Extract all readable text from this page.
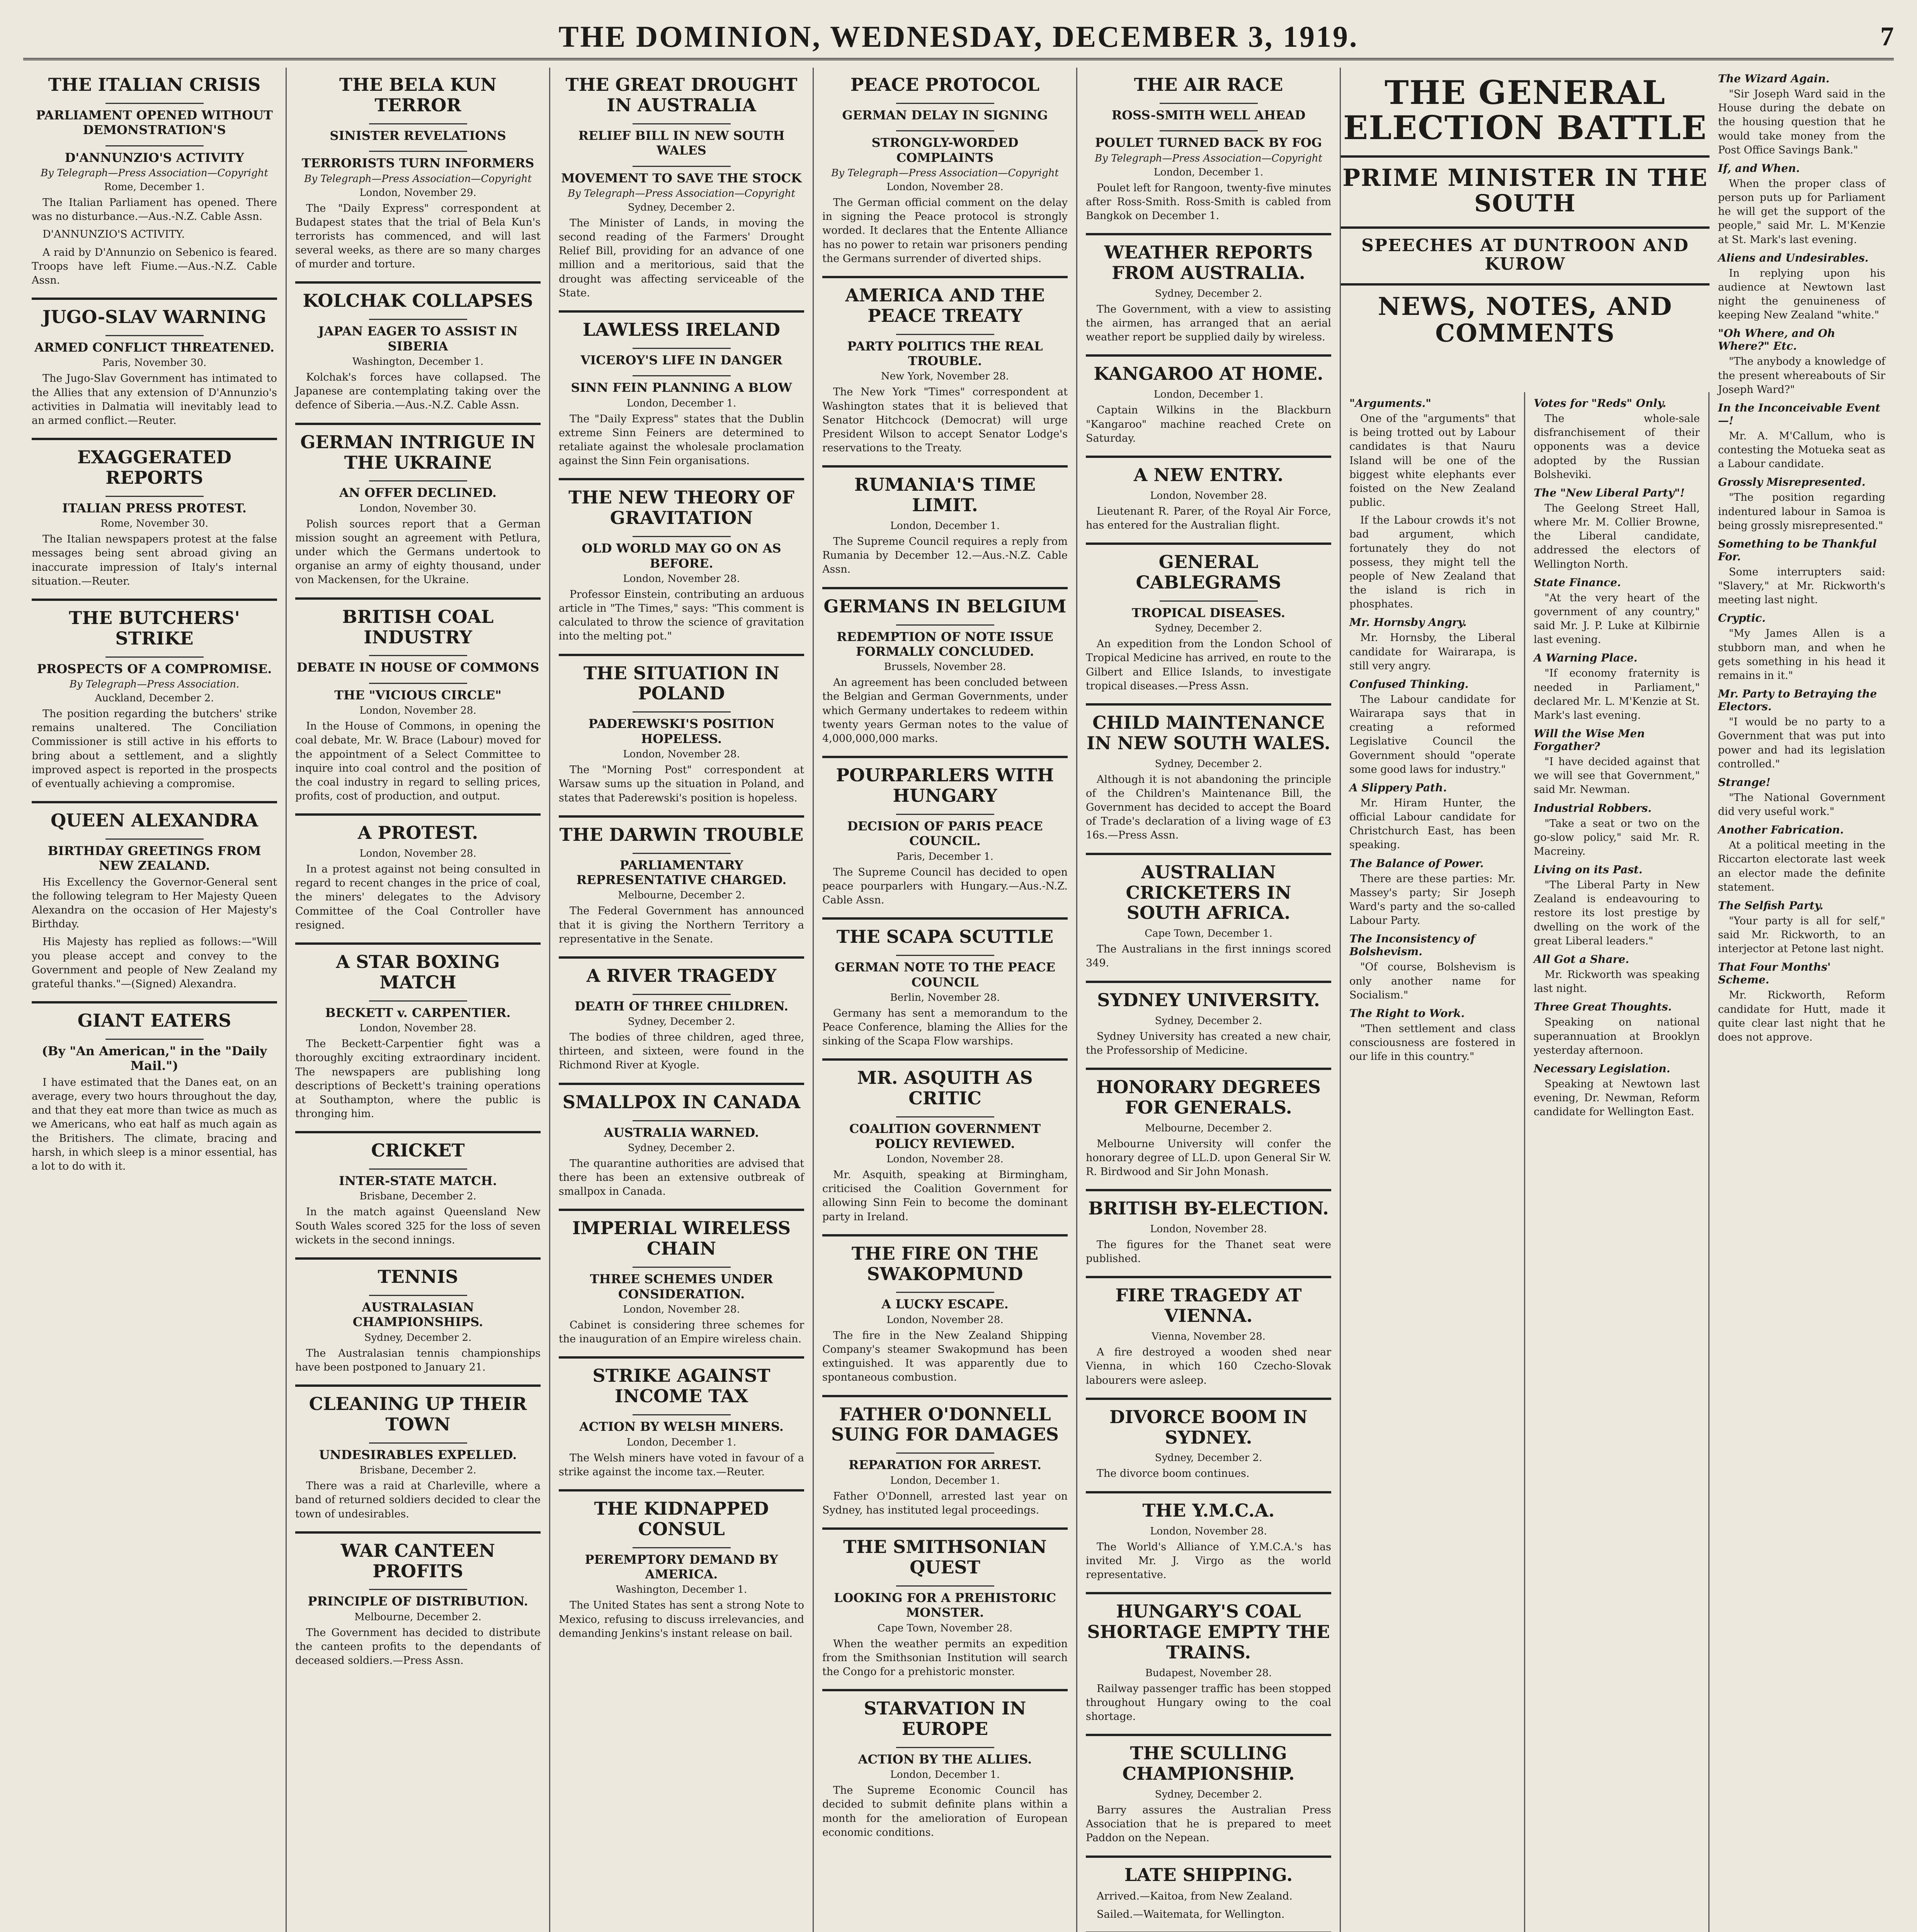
THE DOMINION, WEDNESDAY, DECEMBER 3, 1919.	7
THE ITALIAN CRISIS
PARLIAMENT OPENED WITHOUT DEMONSTRATION'S
D'ANNUNZIO'S ACTIVITY
By Telegraph—Press Association—Copyright
Rome, December 1.

The Italian Parliament has opened. There was no disturbance.—Aus.-N.Z. Cable Assn.

D'ANNUNZIO'S ACTIVITY.

A raid by D'Annunzio on Sebenico is feared. Troops have left Fiume.—Aus.-N.Z. Cable Assn.

JUGO-SLAV WARNING
ARMED CONFLICT THREATENED.
Paris, November 30.

The Jugo-Slav Government has intimated to the Allies that any extension of D'Annunzio's activities in Dalmatia will inevitably lead to an armed conflict.—Reuter.

EXAGGERATED REPORTS
ITALIAN PRESS PROTEST.
Rome, November 30.

The Italian newspapers protest at the false messages being sent abroad giving an inaccurate impression of Italy's internal situation.—Reuter.

THE BUTCHERS' STRIKE
PROSPECTS OF A COMPROMISE.
By Telegraph—Press Association.
Auckland, December 2.

The position regarding the butchers' strike remains unaltered. The Conciliation Commissioner is still active in his efforts to bring about a settlement, and a slightly improved aspect is reported in the prospects of eventually achieving a compromise.

QUEEN ALEXANDRA
BIRTHDAY GREETINGS FROM NEW ZEALAND.

His Excellency the Governor-General sent the following telegram to Her Majesty Queen Alexandra on the occasion of Her Majesty's Birthday.

His Majesty has replied as follows:—"Will you please accept and convey to the Government and people of New Zealand my grateful thanks."—(Signed) Alexandra.

GIANT EATERS
(By "An American," in the "Daily Mail.")

I have estimated that the Danes eat, on an average, every two hours throughout the day, and that they eat more than twice as much as we Americans, who eat half as much again as the Britishers. The climate, bracing and harsh, in which sleep is a minor essential, has a lot to do with it.

THE BELA KUN TERROR
SINISTER REVELATIONS
TERRORISTS TURN INFORMERS
By Telegraph—Press Association—Copyright
London, November 29.

The "Daily Express" correspondent at Budapest states that the trial of Bela Kun's terrorists has commenced, and will last several weeks, as there are so many charges of murder and torture.

KOLCHAK COLLAPSES
JAPAN EAGER TO ASSIST IN SIBERIA
Washington, December 1.

Kolchak's forces have collapsed. The Japanese are contemplating taking over the defence of Siberia.—Aus.-N.Z. Cable Assn.

GERMAN INTRIGUE IN THE UKRAINE
AN OFFER DECLINED.
London, November 30.

Polish sources report that a German mission sought an agreement with Petlura, under which the Germans undertook to organise an army of eighty thousand, under von Mackensen, for the Ukraine.

BRITISH COAL INDUSTRY
DEBATE IN HOUSE OF COMMONS
THE "VICIOUS CIRCLE"
London, November 28.

In the House of Commons, in opening the coal debate, Mr. W. Brace (Labour) moved for the appointment of a Select Committee to inquire into coal control and the position of the coal industry in regard to selling prices, profits, cost of production, and output.

A PROTEST.
London, November 28.

In a protest against not being consulted in regard to recent changes in the price of coal, the miners' delegates to the Advisory Committee of the Coal Controller have resigned.

A STAR BOXING MATCH
BECKETT v. CARPENTIER.
London, November 28.

The Beckett-Carpentier fight was a thoroughly exciting extraordinary incident. The newspapers are publishing long descriptions of Beckett's training operations at Southampton, where the public is thronging him.

CRICKET
INTER-STATE MATCH.
Brisbane, December 2.

In the match against Queensland New South Wales scored 325 for the loss of seven wickets in the second innings.

TENNIS
AUSTRALASIAN CHAMPIONSHIPS.
Sydney, December 2.

The Australasian tennis championships have been postponed to January 21.

CLEANING UP THEIR TOWN
UNDESIRABLES EXPELLED.
Brisbane, December 2.

There was a raid at Charleville, where a band of returned soldiers decided to clear the town of undesirables.

WAR CANTEEN PROFITS
PRINCIPLE OF DISTRIBUTION.
Melbourne, December 2.

The Government has decided to distribute the canteen profits to the dependants of deceased soldiers.—Press Assn.

THE GREAT DROUGHT IN AUSTRALIA
RELIEF BILL IN NEW SOUTH WALES
MOVEMENT TO SAVE THE STOCK
By Telegraph—Press Association—Copyright
Sydney, December 2.

The Minister of Lands, in moving the second reading of the Farmers' Drought Relief Bill, providing for an advance of one million and a meritorious, said that the drought was affecting serviceable of the State.

LAWLESS IRELAND
VICEROY'S LIFE IN DANGER
SINN FEIN PLANNING A BLOW
London, December 1.

The "Daily Express" states that the Dublin extreme Sinn Feiners are determined to retaliate against the wholesale proclamation against the Sinn Fein organisations.

THE NEW THEORY OF GRAVITATION
OLD WORLD MAY GO ON AS BEFORE.
London, November 28.

Professor Einstein, contributing an arduous article in "The Times," says: "This comment is calculated to throw the science of gravitation into the melting pot."

THE SITUATION IN POLAND
PADEREWSKI'S POSITION HOPELESS.
London, November 28.

The "Morning Post" correspondent at Warsaw sums up the situation in Poland, and states that Paderewski's position is hopeless.

THE DARWIN TROUBLE
PARLIAMENTARY REPRESENTATIVE CHARGED.
Melbourne, December 2.

The Federal Government has announced that it is giving the Northern Territory a representative in the Senate.

A RIVER TRAGEDY
DEATH OF THREE CHILDREN.
Sydney, December 2.

The bodies of three children, aged three, thirteen, and sixteen, were found in the Richmond River at Kyogle.

SMALLPOX IN CANADA
AUSTRALIA WARNED.
Sydney, December 2.

The quarantine authorities are advised that there has been an extensive outbreak of smallpox in Canada.

IMPERIAL WIRELESS CHAIN
THREE SCHEMES UNDER CONSIDERATION.
London, November 28.

Cabinet is considering three schemes for the inauguration of an Empire wireless chain.

STRIKE AGAINST INCOME TAX
ACTION BY WELSH MINERS.
London, December 1.

The Welsh miners have voted in favour of a strike against the income tax.—Reuter.

THE KIDNAPPED CONSUL
PEREMPTORY DEMAND BY AMERICA.
Washington, December 1.

The United States has sent a strong Note to Mexico, refusing to discuss irrelevancies, and demanding Jenkins's instant release on bail.

PEACE PROTOCOL
GERMAN DELAY IN SIGNING
STRONGLY-WORDED COMPLAINTS
By Telegraph—Press Association—Copyright
London, November 28.

The German official comment on the delay in signing the Peace protocol is strongly worded. It declares that the Entente Alliance has no power to retain war prisoners pending the Germans surrender of diverted ships.

AMERICA AND THE PEACE TREATY
PARTY POLITICS THE REAL TROUBLE.
New York, November 28.

The New York "Times" correspondent at Washington states that it is believed that Senator Hitchcock (Democrat) will urge President Wilson to accept Senator Lodge's reservations to the Treaty.

RUMANIA'S TIME LIMIT.
London, December 1.

The Supreme Council requires a reply from Rumania by December 12.—Aus.-N.Z. Cable Assn.

GERMANS IN BELGIUM
REDEMPTION OF NOTE ISSUE FORMALLY CONCLUDED.
Brussels, November 28.

An agreement has been concluded between the Belgian and German Governments, under which Germany undertakes to redeem within twenty years German notes to the value of 4,000,000,000 marks.

POURPARLERS WITH HUNGARY
DECISION OF PARIS PEACE COUNCIL.
Paris, December 1.

The Supreme Council has decided to open peace pourparlers with Hungary.—Aus.-N.Z. Cable Assn.

THE SCAPA SCUTTLE
GERMAN NOTE TO THE PEACE COUNCIL
Berlin, November 28.

Germany has sent a memorandum to the Peace Conference, blaming the Allies for the sinking of the Scapa Flow warships.

MR. ASQUITH AS CRITIC
COALITION GOVERNMENT POLICY REVIEWED.
London, November 28.

Mr. Asquith, speaking at Birmingham, criticised the Coalition Government for allowing Sinn Fein to become the dominant party in Ireland.

THE FIRE ON THE SWAKOPMUND
A LUCKY ESCAPE.
London, November 28.

The fire in the New Zealand Shipping Company's steamer Swakopmund has been extinguished. It was apparently due to spontaneous combustion.

FATHER O'DONNELL SUING FOR DAMAGES
REPARATION FOR ARREST.
London, December 1.

Father O'Donnell, arrested last year on Sydney, has instituted legal proceedings.

THE SMITHSONIAN QUEST
LOOKING FOR A PREHISTORIC MONSTER.
Cape Town, November 28.

When the weather permits an expedition from the Smithsonian Institution will search the Congo for a prehistoric monster.

STARVATION IN EUROPE
ACTION BY THE ALLIES.
London, December 1.

The Supreme Economic Council has decided to submit definite plans within a month for the amelioration of European economic conditions.

THE AIR RACE
ROSS-SMITH WELL AHEAD
POULET TURNED BACK BY FOG
By Telegraph—Press Association—Copyright
London, December 1.

Poulet left for Rangoon, twenty-five minutes after Ross-Smith. Ross-Smith is cabled from Bangkok on December 1.

WEATHER REPORTS FROM AUSTRALIA.
Sydney, December 2.

The Government, with a view to assisting the airmen, has arranged that an aerial weather report be supplied daily by wireless.

KANGAROO AT HOME.
London, December 1.

Captain Wilkins in the Blackburn "Kangaroo" machine reached Crete on Saturday.

A NEW ENTRY.
London, November 28.

Lieutenant R. Parer, of the Royal Air Force, has entered for the Australian flight.

GENERAL CABLEGRAMS
TROPICAL DISEASES.
Sydney, December 2.

An expedition from the London School of Tropical Medicine has arrived, en route to the Gilbert and Ellice Islands, to investigate tropical diseases.—Press Assn.

CHILD MAINTENANCE IN NEW SOUTH WALES.
Sydney, December 2.

Although it is not abandoning the principle of the Children's Maintenance Bill, the Government has decided to accept the Board of Trade's declaration of a living wage of £3 16s.—Press Assn.

AUSTRALIAN CRICKETERS IN SOUTH AFRICA.
Cape Town, December 1.

The Australians in the first innings scored 349.

SYDNEY UNIVERSITY.
Sydney, December 2.

Sydney University has created a new chair, the Professorship of Medicine.

HONORARY DEGREES FOR GENERALS.
Melbourne, December 2.

Melbourne University will confer the honorary degree of LL.D. upon General Sir W. R. Birdwood and Sir John Monash.

BRITISH BY-ELECTION.
London, November 28.

The figures for the Thanet seat were published.

FIRE TRAGEDY AT VIENNA.
Vienna, November 28.

A fire destroyed a wooden shed near Vienna, in which 160 Czecho-Slovak labourers were asleep.

DIVORCE BOOM IN SYDNEY.
Sydney, December 2.

The divorce boom continues.

THE Y.M.C.A.
London, November 28.

The World's Alliance of Y.M.C.A.'s has invited Mr. J. Virgo as the world representative.

HUNGARY'S COAL SHORTAGE EMPTY THE TRAINS.
Budapest, November 28.

Railway passenger traffic has been stopped throughout Hungary owing to the coal shortage.

THE SCULLING CHAMPIONSHIP.
Sydney, December 2.

Barry assures the Australian Press Association that he is prepared to meet Paddon on the Nepean.

LATE SHIPPING.

Arrived.—Kaitoa, from New Zealand.

Sailed.—Waitemata, for Wellington.

THE GENERAL ELECTION BATTLE
PRIME MINISTER IN THE SOUTH
SPEECHES AT DUNTROON AND KUROW
NEWS, NOTES, AND COMMENTS
"Arguments."

One of the "arguments" that is being trotted out by Labour candidates is that Nauru Island will be one of the biggest white elephants ever foisted on the New Zealand public.

If the Labour crowds it's not bad argument, which fortunately they do not possess, they might tell the people of New Zealand that the island is rich in phosphates.

Mr. Hornsby Angry.

Mr. Hornsby, the Liberal candidate for Wairarapa, is still very angry.

Confused Thinking.

The Labour candidate for Wairarapa says that in creating a reformed Legislative Council the Government should "operate some good laws for industry."

A Slippery Path.

Mr. Hiram Hunter, the official Labour candidate for Christchurch East, has been speaking.

The Balance of Power.

There are these parties: Mr. Massey's party; Sir Joseph Ward's party and the so-called Labour Party.

The Inconsistency of Bolshevism.

"Of course, Bolshevism is only another name for Socialism."

The Right to Work.

"Then settlement and class consciousness are fostered in our life in this country."

Votes for "Reds" Only.

The whole-sale disfranchisement of their opponents was a device adopted by the Russian Bolsheviki.

The "New Liberal Party"!

The Geelong Street Hall, where Mr. M. Collier Browne, the Liberal candidate, addressed the electors of Wellington North.

State Finance.

"At the very heart of the government of any country," said Mr. J. P. Luke at Kilbirnie last evening.

A Warning Place.

"If economy fraternity is needed in Parliament," declared Mr. L. M'Kenzie at St. Mark's last evening.

Will the Wise Men Forgather?

"I have decided against that we will see that Government," said Mr. Newman.

Industrial Robbers.

"Take a seat or two on the go-slow policy," said Mr. R. Macreiny.

Living on its Past.

"The Liberal Party in New Zealand is endeavouring to restore its lost prestige by dwelling on the work of the great Liberal leaders."

All Got a Share.

Mr. Rickworth was speaking last night.

Three Great Thoughts.

Speaking on national superannuation at Brooklyn yesterday afternoon.

Necessary Legislation.

Speaking at Newtown last evening, Dr. Newman, Reform candidate for Wellington East.

The Wizard Again.

"Sir Joseph Ward said in the House during the debate on the housing question that he would take money from the Post Office Savings Bank."

If, and When.

When the proper class of person puts up for Parliament he will get the support of the people," said Mr. L. M'Kenzie at St. Mark's last evening.

Aliens and Undesirables.

In replying upon his audience at Newtown last night the genuineness of keeping New Zealand "white."

"Oh Where, and Oh Where?" Etc.

"The anybody a knowledge of the present whereabouts of Sir Joseph Ward?"

In the Inconceivable Event—!

Mr. A. M'Callum, who is contesting the Motueka seat as a Labour candidate.

Grossly Misrepresented.

"The position regarding indentured labour in Samoa is being grossly misrepresented."

Something to be Thankful For.

Some interrupters said: "Slavery," at Mr. Rickworth's meeting last night.

Cryptic.

"My James Allen is a stubborn man, and when he gets something in his head it remains in it."

Mr. Party to Betraying the Electors.

"I would be no party to a Government that was put into power and had its legislation controlled."

Strange!

"The National Government did very useful work."

Another Fabrication.

At a political meeting in the Riccarton electorate last week an elector made the definite statement.

The Selfish Party.

"Your party is all for self," said Mr. Rickworth, to an interjector at Petone last night.

That Four Months' Scheme.

Mr. Rickworth, Reform candidate for Hutt, made it quite clear last night that he does not approve.
